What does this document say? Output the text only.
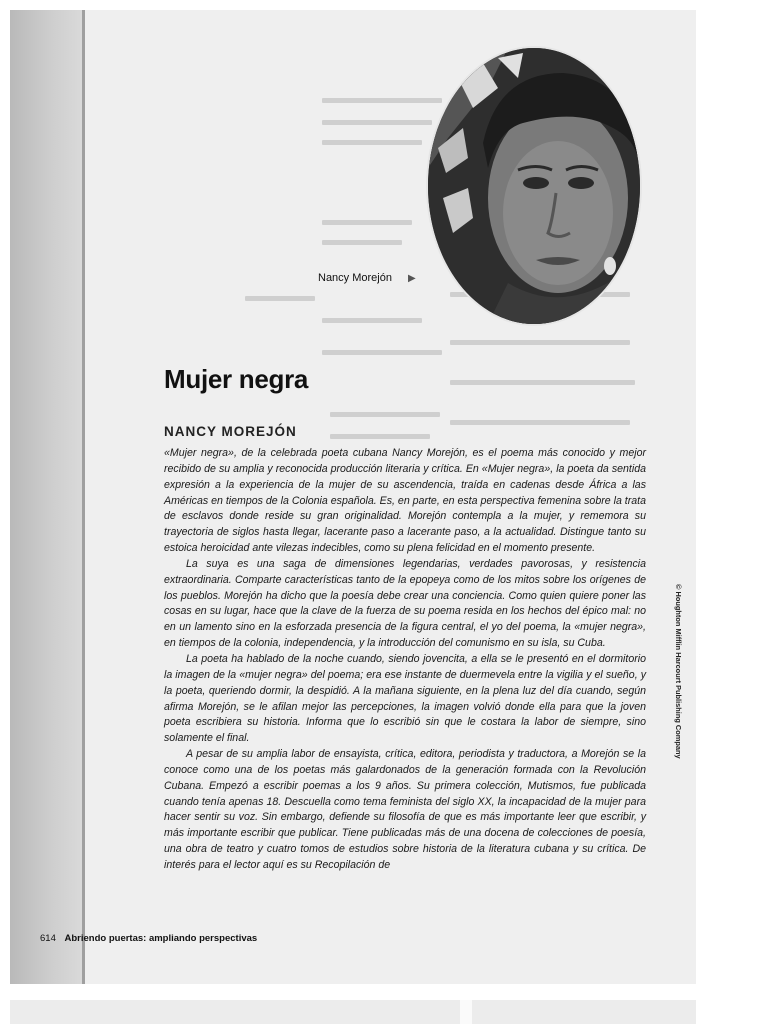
Nancy Morejón ▶
Mujer negra
NANCY MOREJÓN

«Mujer negra», de la celebrada poeta cubana Nancy Morejón, es el poema más conocido y mejor recibido de su amplia y reconocida producción literaria y crítica. En «Mujer negra», la poeta da sentida expresión a la experiencia de la mujer de su ascendencia, traída en cadenas desde África a las Américas en tiempos de la Colonia española. Es, en parte, en esta perspectiva femenina sobre la trata de esclavos donde reside su gran originalidad. Morejón contempla a la mujer, y rememora su trayectoria de siglos hasta llegar, lacerante paso a lacerante paso, a la actualidad. Distingue tanto su estoica heroicidad ante vilezas indecibles, como su plena felicidad en el momento presente.

La suya es una saga de dimensiones legendarias, verdades pavorosas, y resistencia extraordinaria. Comparte características tanto de la epopeya como de los mitos sobre los orígenes de los pueblos. Morejón ha dicho que la poesía debe crear una conciencia. Como quien quiere poner las cosas en su lugar, hace que la clave de la fuerza de su poema resida en los hechos del épico mal: no en un lamento sino en la esforzada presencia de la figura central, el yo del poema, la «mujer negra», en tiempos de la colonia, independencia, y la introducción del comunismo en su isla, su Cuba.

La poeta ha hablado de la noche cuando, siendo jovencita, a ella se le presentó en el dormitorio la imagen de la «mujer negra» del poema; era ese instante de duermevela entre la vigilia y el sueño, y la poeta, queriendo dormir, la despidió. A la mañana siguiente, en la plena luz del día cuando, según afirma Morejón, se le afilan mejor las percepciones, la imagen volvió donde ella para que la joven poeta escribiera su historia. Informa que lo escribió sin que le costara la labor de siempre, sino solamente el final.

A pesar de su amplia labor de ensayista, crítica, editora, periodista y traductora, a Morejón se la conoce como una de los poetas más galardonados de la generación formada con la Revolución Cubana. Empezó a escribir poemas a los 9 años. Su primera colección, Mutismos, fue publicada cuando tenía apenas 18. Descuella como tema feminista del siglo XX, la incapacidad de la mujer para hacer sentir su voz. Sin embargo, defiende su filosofía de que es más importante leer que escribir, y más importante escribir que publicar. Tiene publicadas más de una docena de colecciones de poesía, una obra de teatro y cuatro tomos de estudios sobre historia de la literatura cubana y su crítica. De interés para el lector aquí es su Recopilación de

© Houghton Mifflin Harcourt Publishing Company
614 Abriendo puertas: ampliando perspectivas
